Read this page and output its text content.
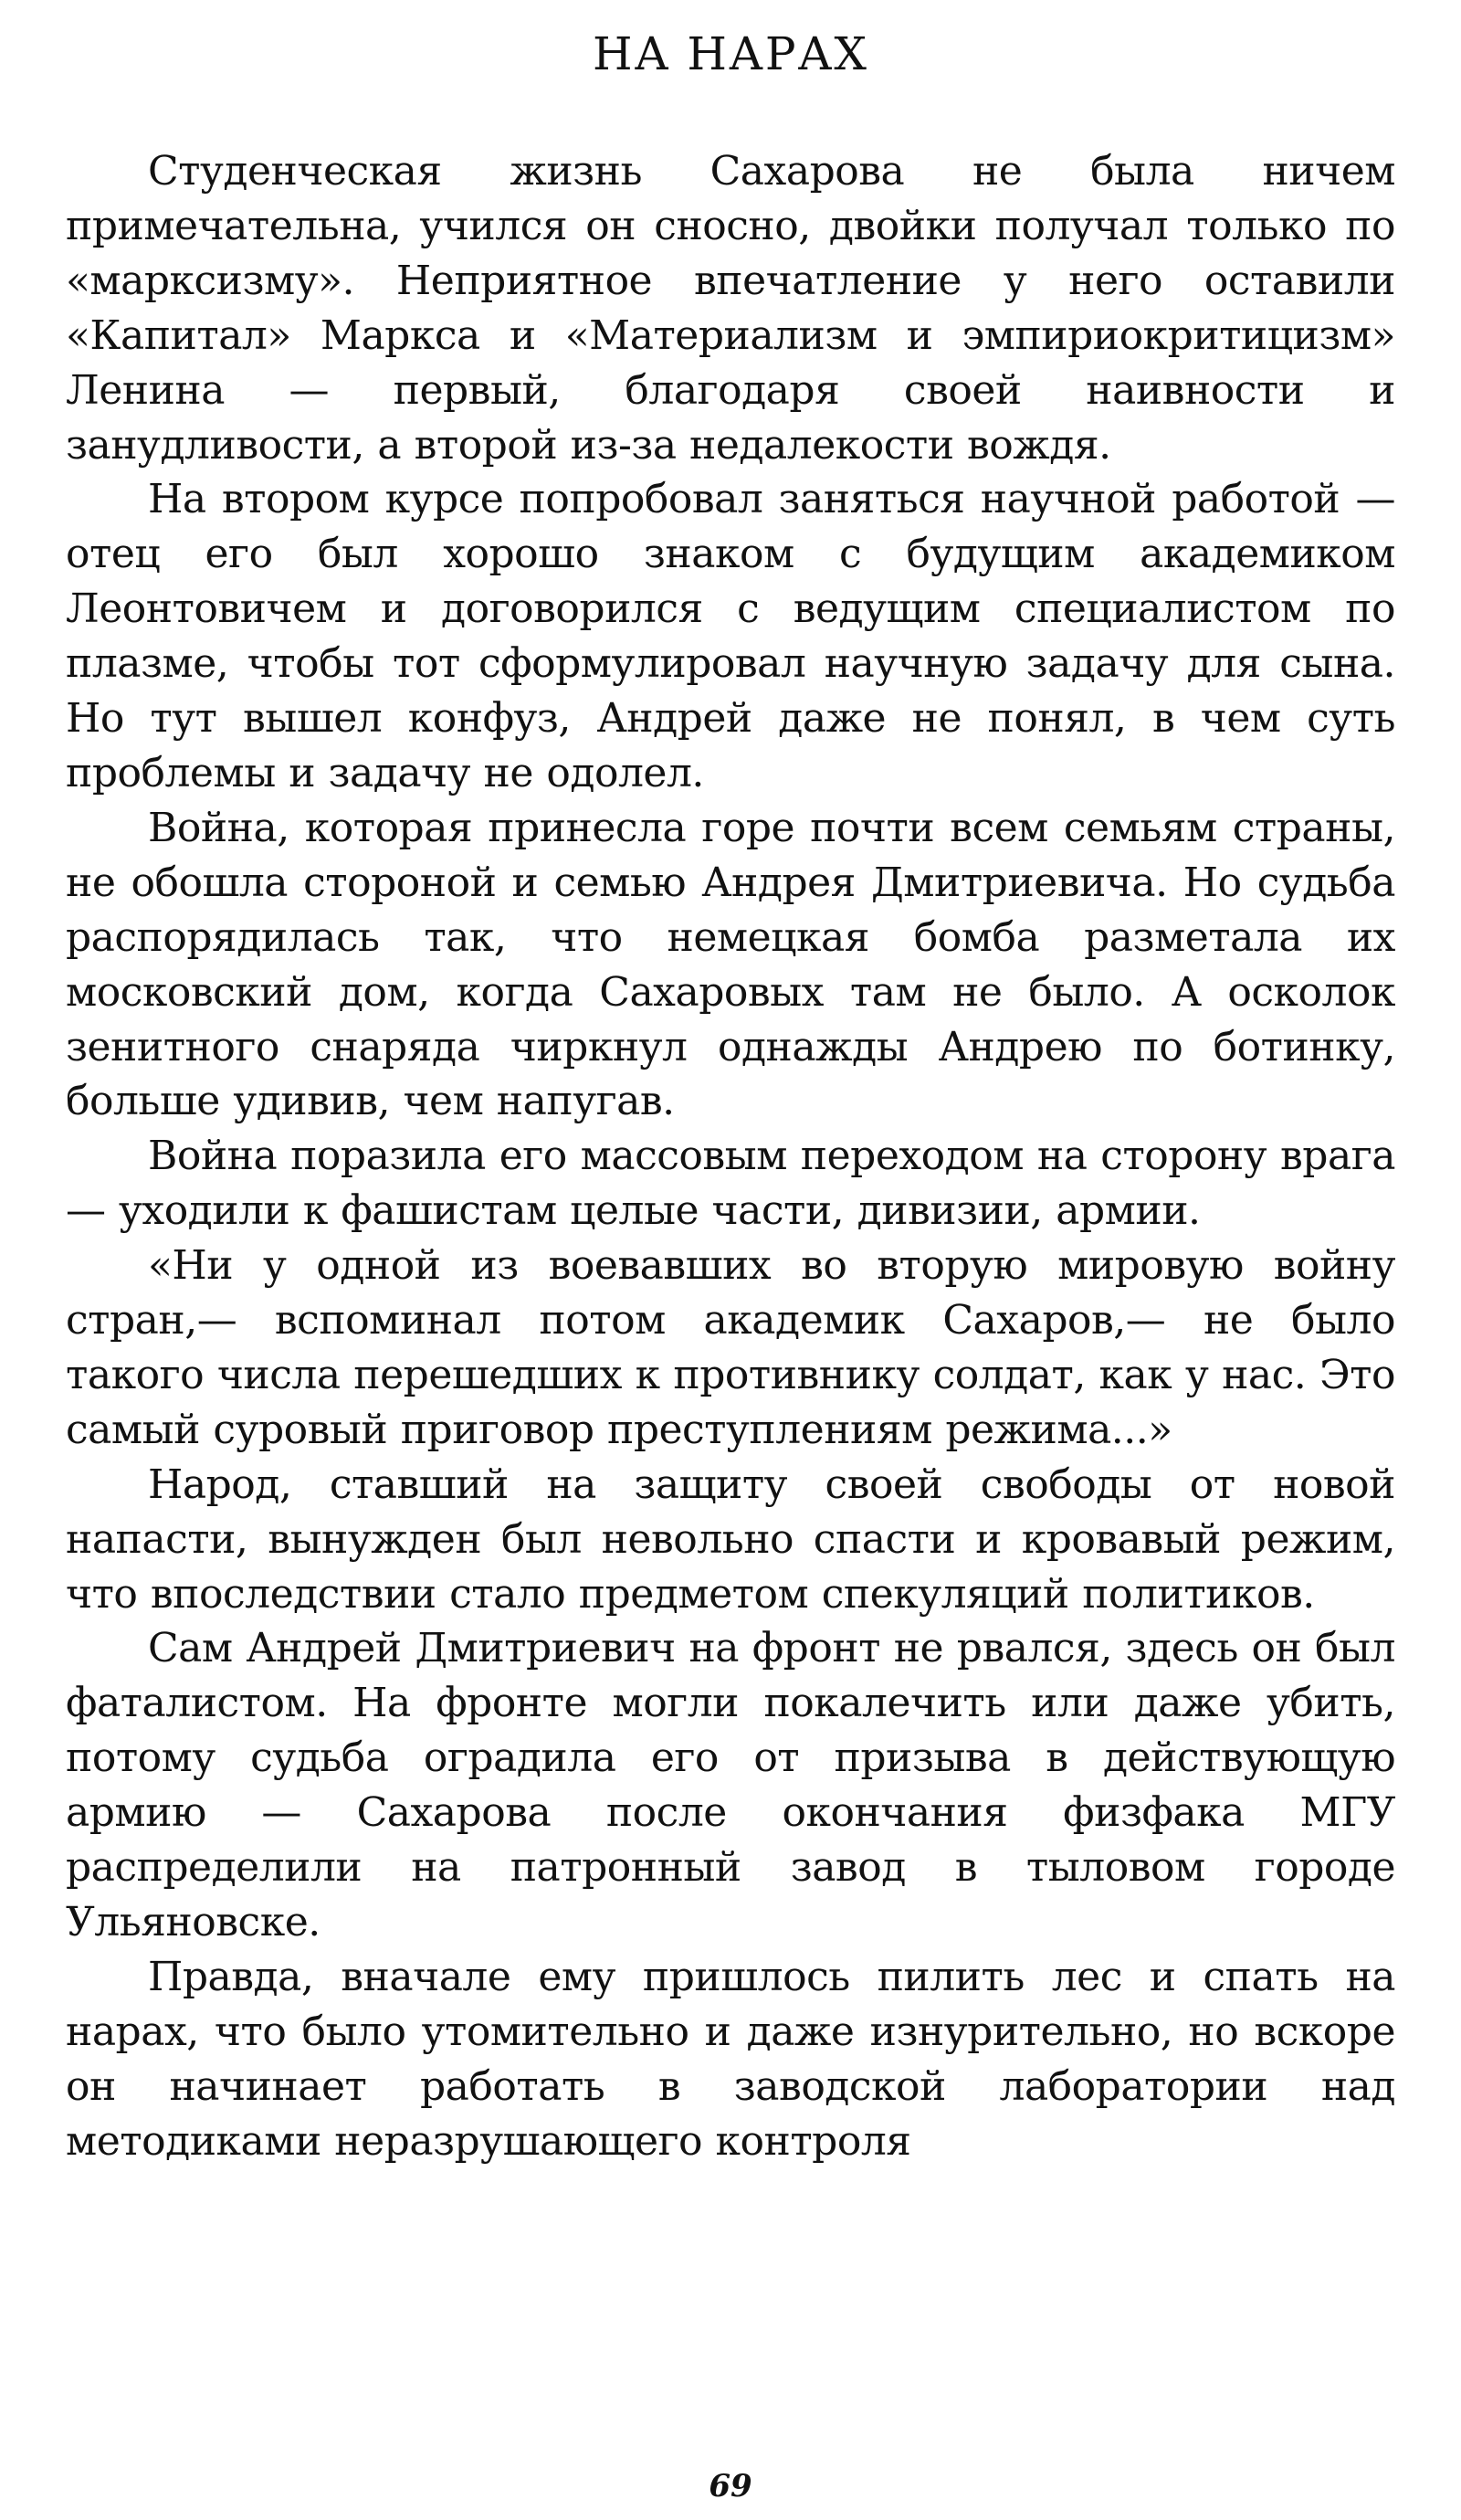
НА НАРАХ

Студенческая жизнь Сахарова не была ничем примечательна, учился он сносно, двойки получал только по «марксизму». Неприятное впечатление у него оставили «Капитал» Маркса и «Материализм и эмпириокритицизм» Ленина — первый, благодаря своей наивности и занудливости, а второй из-за недалекости вождя.

На втором курсе попробовал заняться научной работой — отец его был хорошо знаком с будущим академиком Леонтовичем и договорился с ведущим специалистом по плазме, чтобы тот сформулировал научную задачу для сына. Но тут вышел конфуз, Андрей даже не понял, в чем суть проблемы и задачу не одолел.

Война, которая принесла горе почти всем семьям страны, не обошла стороной и семью Андрея Дмитриевича. Но судьба распорядилась так, что немецкая бомба разметала их московский дом, когда Сахаровых там не было. А осколок зенитного снаряда чиркнул однажды Андрею по ботинку, больше удивив, чем напугав.

Война поразила его массовым переходом на сторону врага — уходили к фашистам целые части, дивизии, армии.

«Ни у одной из воевавших во вторую мировую войну стран,— вспоминал потом академик Сахаров,— не было такого числа перешедших к противнику солдат, как у нас. Это самый суровый приговор преступлениям режима...»

Народ, ставший на защиту своей свободы от новой напасти, вынужден был невольно спасти и кровавый режим, что впоследствии стало предметом спекуляций политиков.

Сам Андрей Дмитриевич на фронт не рвался, здесь он был фаталистом. На фронте могли покалечить или даже убить, потому судьба оградила его от призыва в действующую армию — Сахарова после окончания физфака МГУ распределили на патронный завод в тыловом городе Ульяновске.

Правда, вначале ему пришлось пилить лес и спать на нарах, что было утомительно и даже изнурительно, но вскоре он начинает работать в заводской лаборатории над методиками неразрушающего контроля

69
